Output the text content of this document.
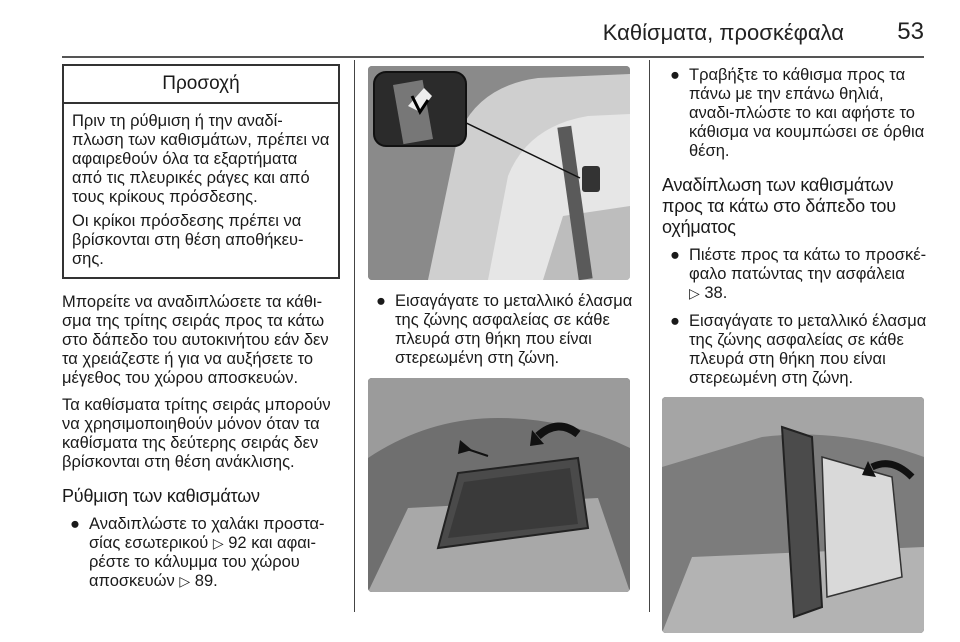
Καθίσματα, προσκέφαλα 53
Προσοχή

Πριν τη ρύθμιση ή την αναδί-πλωση των καθισμάτων, πρέπει να αφαιρεθούν όλα τα εξαρτήματα από τις πλευρικές ράγες και από τους κρίκους πρόσδεσης.

Οι κρίκοι πρόσδεσης πρέπει να βρίσκονται στη θέση αποθήκευ-σης.

Μπορείτε να αναδιπλώσετε τα κάθι-σμα της τρίτης σειράς προς τα κάτω στο δάπεδο του αυτοκινήτου εάν δεν τα χρειάζεστε ή για να αυξήσετε το μέγεθος του χώρου αποσκευών.

Τα καθίσματα τρίτης σειράς μπορούν να χρησιμοποιηθούν μόνον όταν τα καθίσματα της δεύτερης σειράς δεν βρίσκονται στη θέση ανάκλισης.

Ρύθμιση των καθισμάτων
● Αναδιπλώστε το χαλάκι προστα-σίας εσωτερικού ▷ 92 και αφαι-ρέστε το κάλυμμα του χώρου αποσκευών ▷ 89.
● Εισαγάγατε το μεταλλικό έλασμα της ζώνης ασφαλείας σε κάθε πλευρά στη θήκη που είναι στερεωμένη στη ζώνη.
● Τραβήξτε το κάθισμα προς τα πάνω με την επάνω θηλιά, αναδι-πλώστε το και αφήστε το κάθισμα να κουμπώσει σε όρθια θέση.
Αναδίπλωση των καθισμάτων προς τα κάτω στο δάπεδο του οχήματος
● Πιέστε προς τα κάτω το προσκέ-φαλο πατώντας την ασφάλεια
▷ 38.
● Εισαγάγατε το μεταλλικό έλασμα της ζώνης ασφαλείας σε κάθε πλευρά στη θήκη που είναι στερεωμένη στη ζώνη.
